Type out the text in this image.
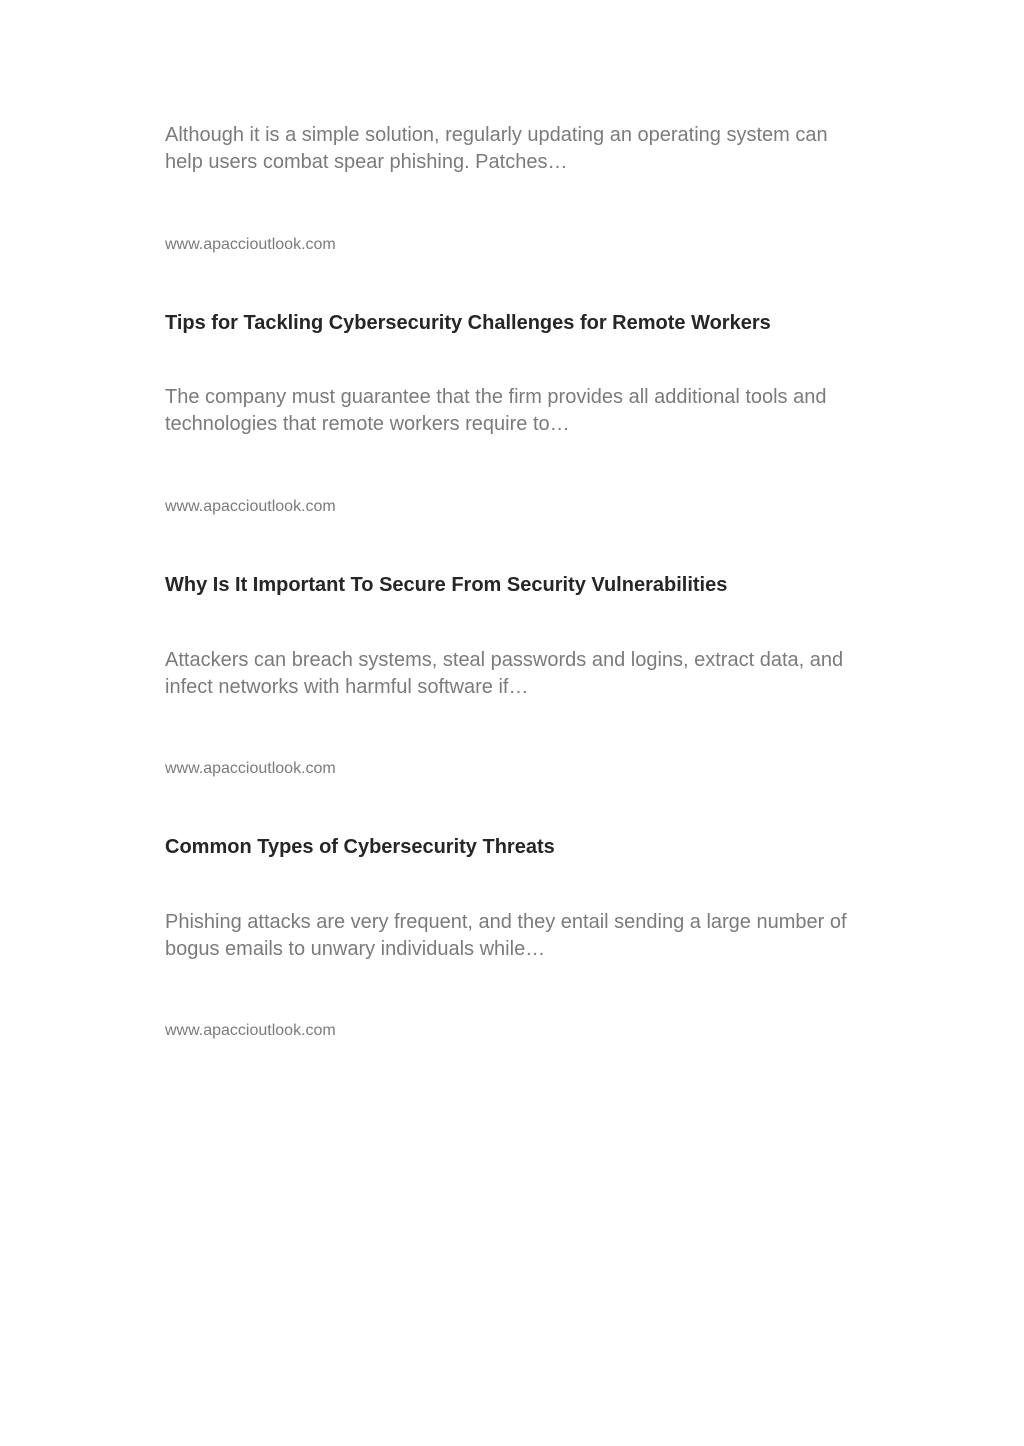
Although it is a simple solution, regularly updating an operating system can help users combat spear phishing. Patches…

www.apaccioutlook.com
Tips for Tackling Cybersecurity Challenges for Remote Workers

The company must guarantee that the firm provides all additional tools and technologies that remote workers require to…

www.apaccioutlook.com
Why Is It Important To Secure From Security Vulnerabilities

Attackers can breach systems, steal passwords and logins, extract data, and infect networks with harmful software if…

www.apaccioutlook.com
Common Types of Cybersecurity Threats

Phishing attacks are very frequent, and they entail sending a large number of bogus emails to unwary individuals while…

www.apaccioutlook.com
